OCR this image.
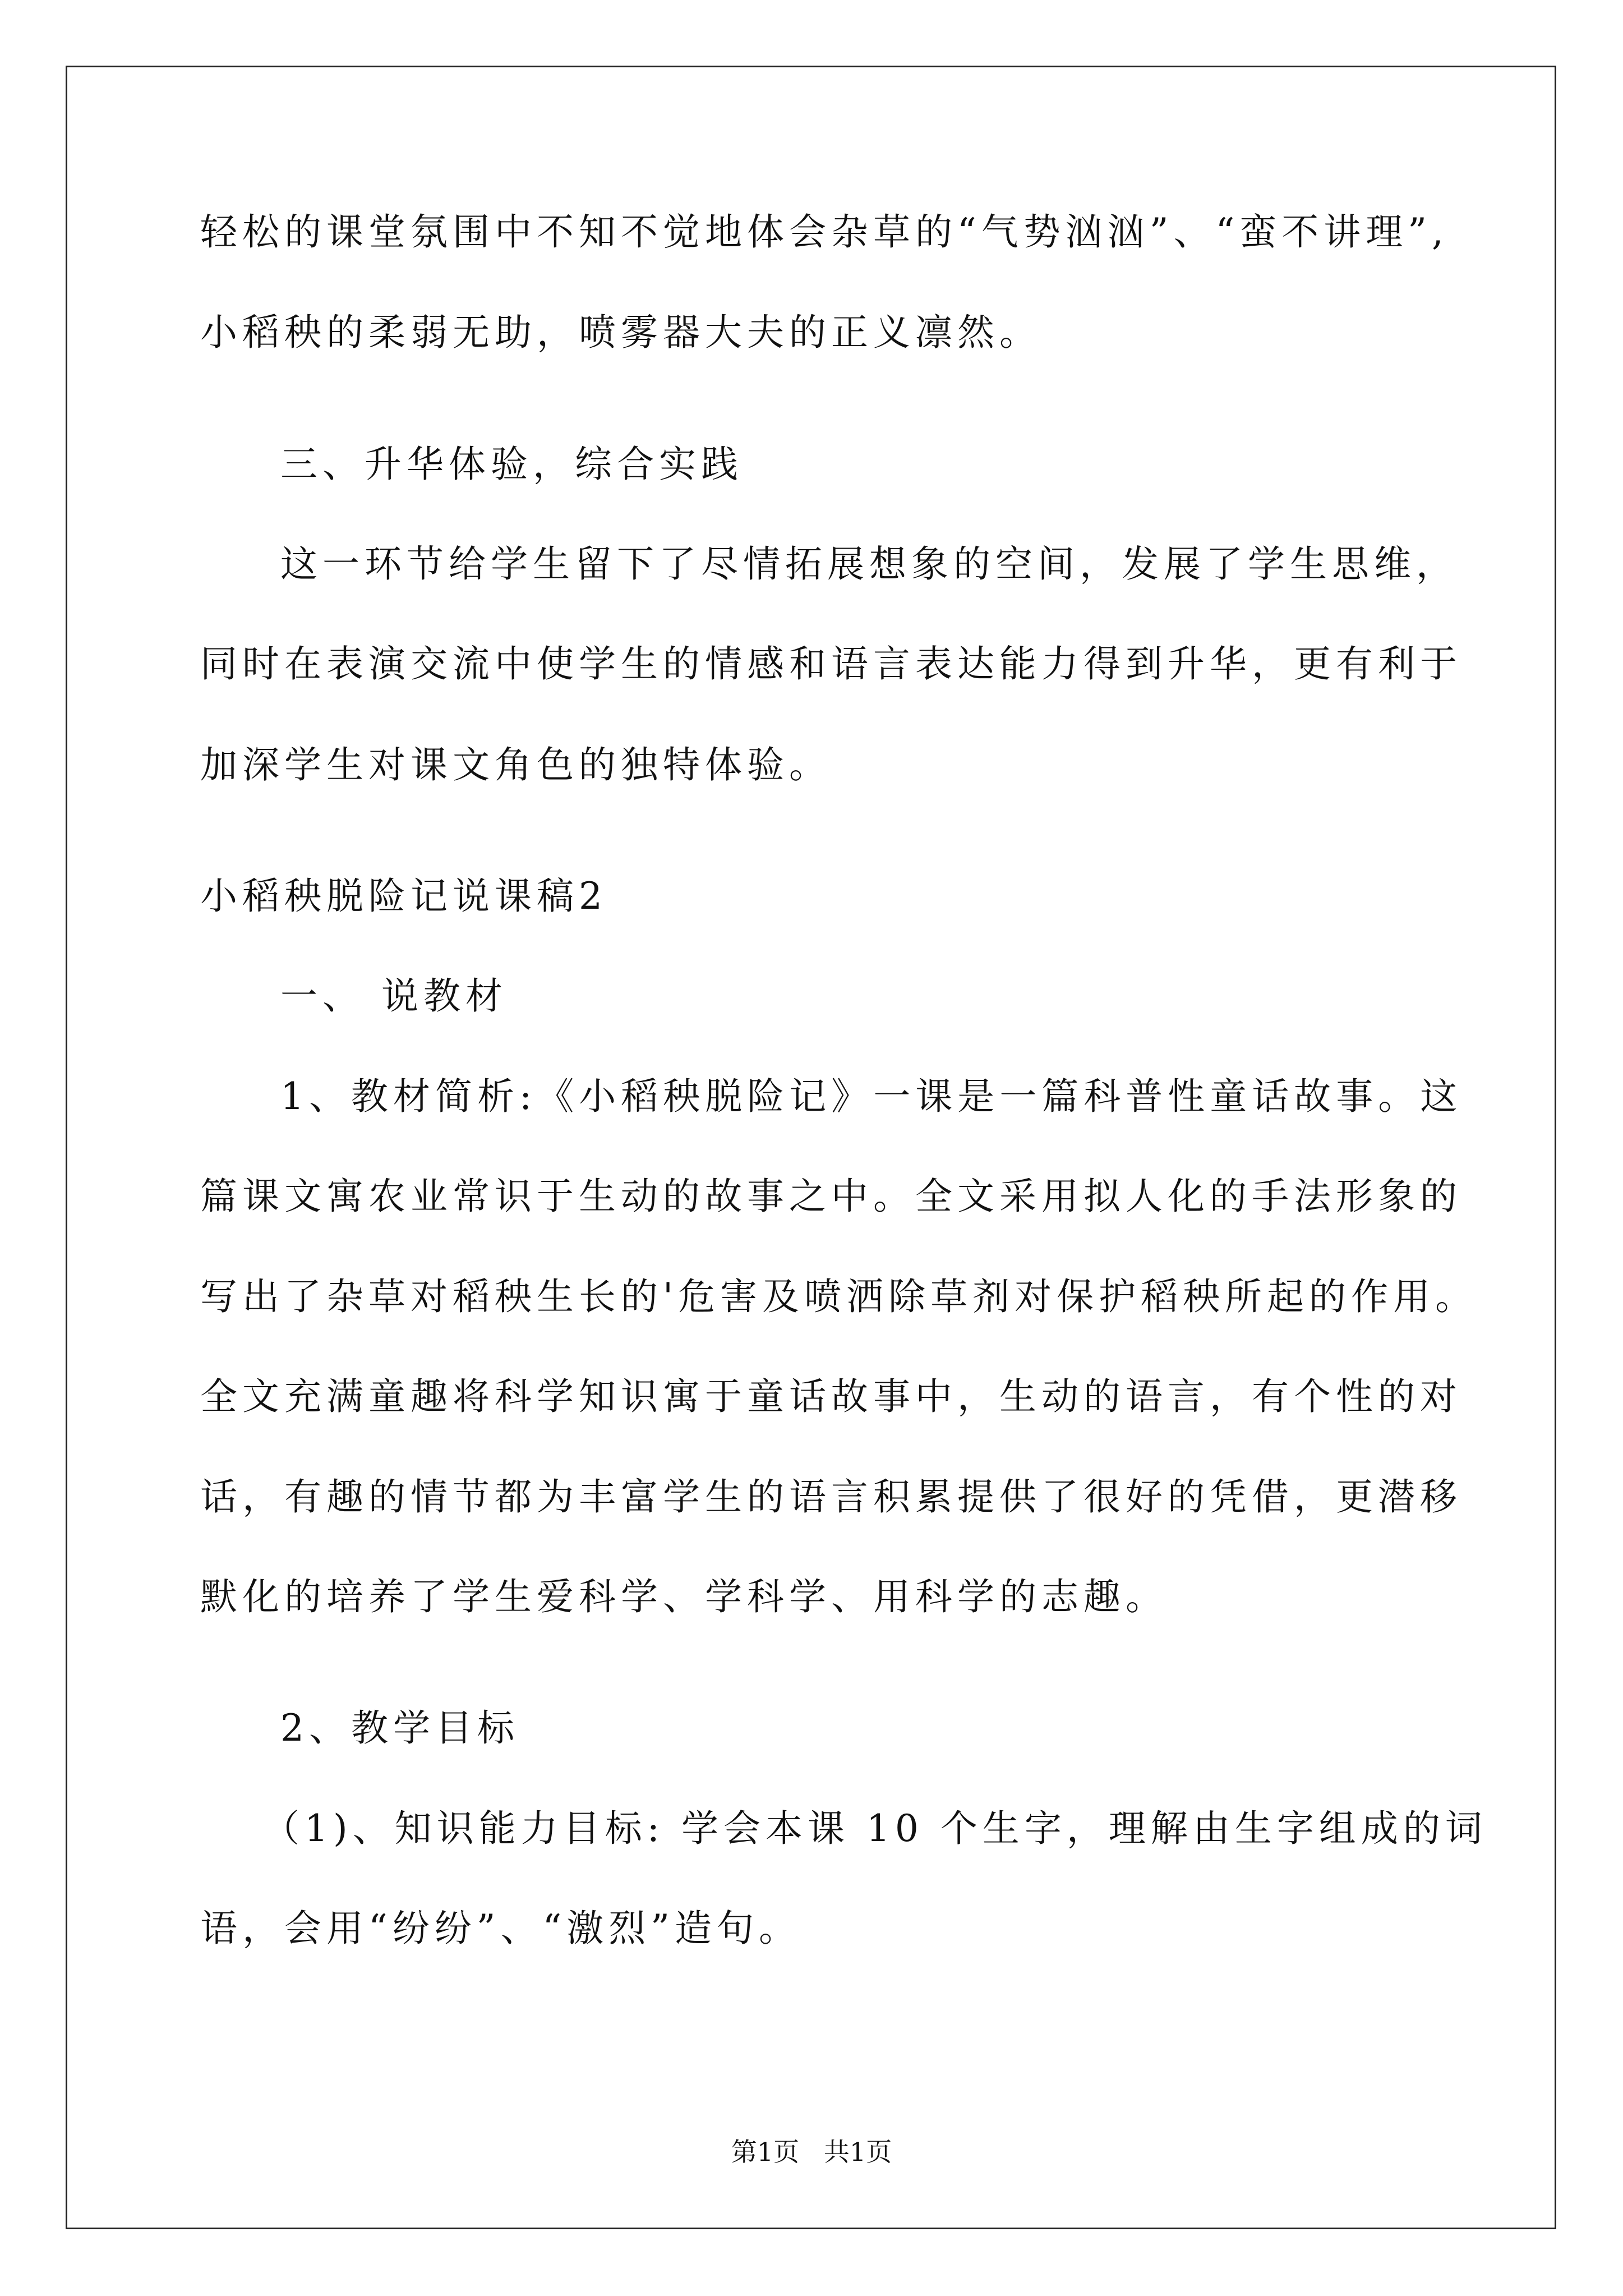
轻松的课堂氛围中不知不觉地体会杂草的“气势汹汹”、“蛮不讲理”,
小稻秧的柔弱无助，喷雾器大夫的正义凛然。
三、升华体验，综合实践
这一环节给学生留下了尽情拓展想象的空间，发展了学生思维，
同时在表演交流中使学生的情感和语言表达能力得到升华，更有利于
加深学生对课文角色的独特体验。
小稻秧脱险记说课稿2
一、 说教材
1、教材简析:《小稻秧脱险记》一课是一篇科普性童话故事。这
篇课文寓农业常识于生动的故事之中。全文采用拟人化的手法形象的
写出了杂草对稻秧生长的'危害及喷洒除草剂对保护稻秧所起的作用。
全文充满童趣将科学知识寓于童话故事中，生动的语言，有个性的对
话，有趣的情节都为丰富学生的语言积累提供了很好的凭借，更潜移
默化的培养了学生爱科学、学科学、用科学的志趣。
2、教学目标
（1)、知识能力目标: 学会本课 10 个生字，理解由生字组成的词
语，会用“纷纷”、“激烈”造句。
第1页   共1页
